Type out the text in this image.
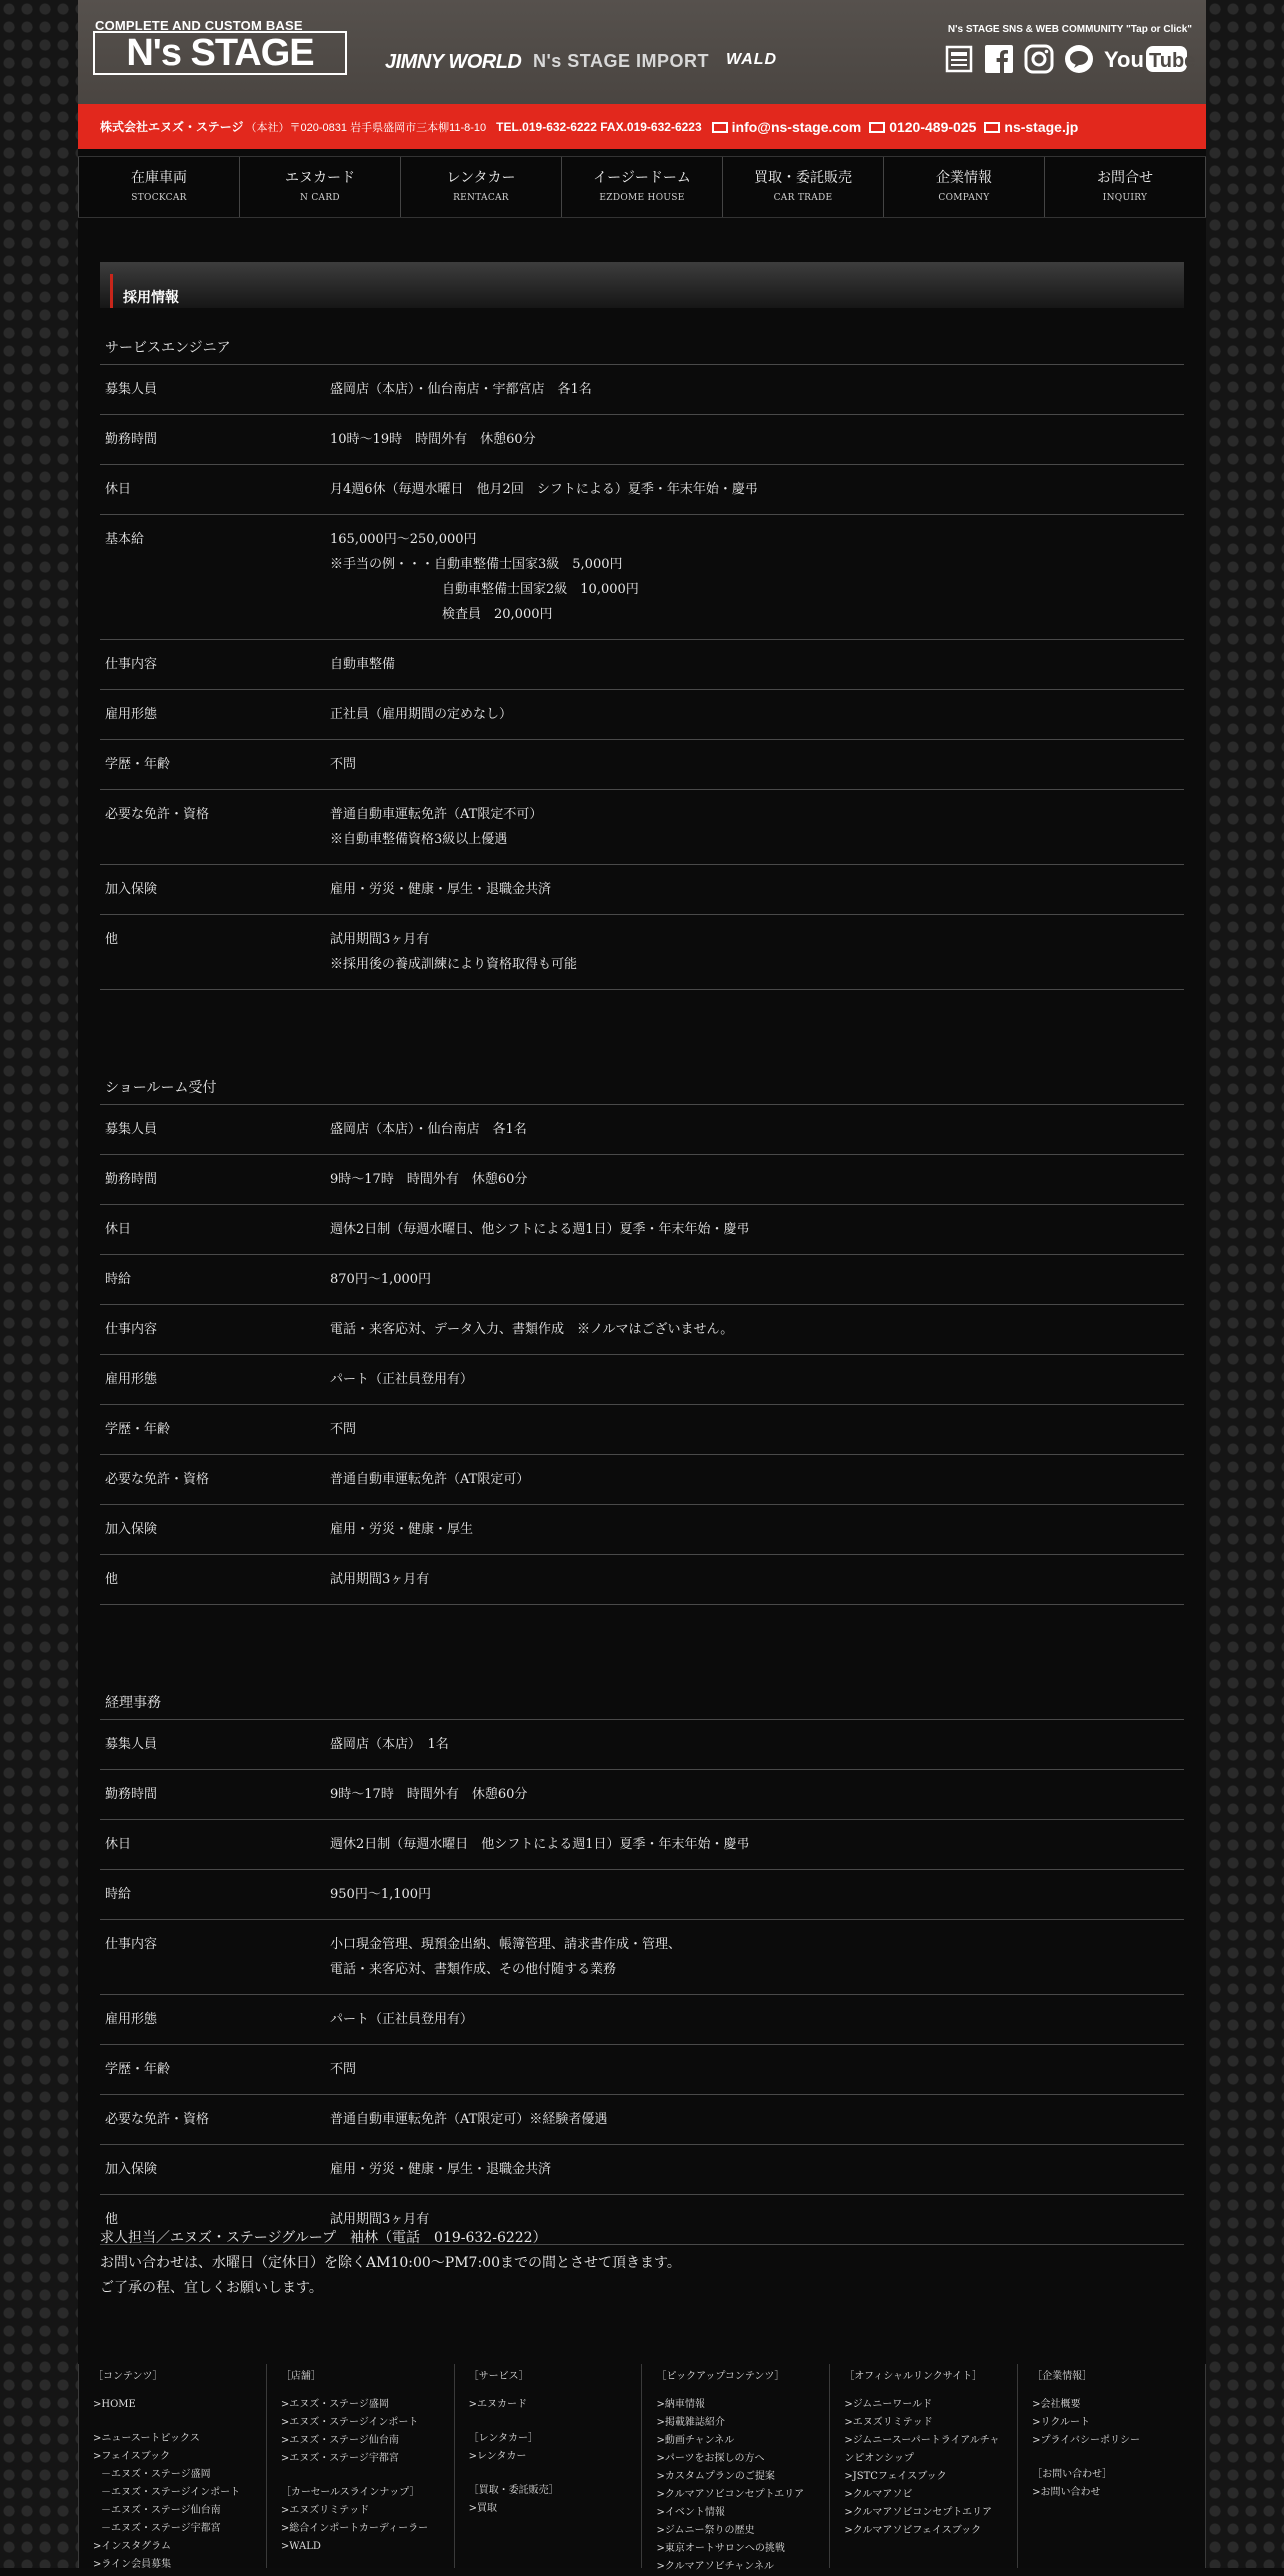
COMPLETE AND CUSTOM BASE
N's STAGE	JIMNY WORLD N's STAGE IMPORT WALD
N's STAGE SNS & WEB COMMUNITY "Tap or Click"
You Tube
株式会社エヌズ・ステージ （本社）〒020-0831 岩手県盛岡市三本柳11-8-10 TEL.019-632-6222 FAX.019-632-6223	info@ns-stage.com	0120-489-025	ns-stage.jp
在庫車両
STOCKCAR
エヌカード
N CARD
レンタカー
RENTACAR
イージードーム
EZDOME HOUSE
買取・委託販売
CAR TRADE
企業情報
COMPANY
お問合せ
INQUIRY
採用情報
サービスエンジニア
募集人員	盛岡店（本店）・仙台南店・宇都宮店　各1名
勤務時間	10時〜19時　時間外有　休憩60分
休日	月4週6休（毎週水曜日　他月2回　シフトによる）夏季・年末年始・慶弔
基本給	165,000円〜250,000円
※手当の例・・・自動車整備士国家3級　5,000円
自動車整備士国家2級　10,000円
検査員　20,000円
仕事内容	自動車整備
雇用形態	正社員（雇用期間の定めなし）
学歴・年齢	不問
必要な免許・資格	普通自動車運転免許（AT限定不可）
※自動車整備資格3級以上優遇
加入保険	雇用・労災・健康・厚生・退職金共済
他	試用期間3ヶ月有
※採用後の養成訓練により資格取得も可能
ショールーム受付
募集人員	盛岡店（本店）・仙台南店　各1名
勤務時間	9時〜17時　時間外有　休憩60分
休日	週休2日制（毎週水曜日、他シフトによる週1日）夏季・年末年始・慶弔
時給	870円〜1,000円
仕事内容	電話・来客応対、データ入力、書類作成　※ノルマはございません。
雇用形態	パート（正社員登用有）
学歴・年齢	不問
必要な免許・資格	普通自動車運転免許（AT限定可）
加入保険	雇用・労災・健康・厚生
他	試用期間3ヶ月有
経理事務
募集人員	盛岡店（本店）　1名
勤務時間	9時〜17時　時間外有　休憩60分
休日	週休2日制（毎週水曜日　他シフトによる週1日）夏季・年末年始・慶弔
時給	950円〜1,100円
仕事内容	小口現金管理、現預金出納、帳簿管理、請求書作成・管理、
電話・来客応対、書類作成、その他付随する業務
雇用形態	パート（正社員登用有）
学歴・年齢	不問
必要な免許・資格	普通自動車運転免許（AT限定可）※経験者優遇
加入保険	雇用・労災・健康・厚生・退職金共済
他	試用期間3ヶ月有
求人担当／エヌズ・ステージグループ　袖林（電話　019-632-6222）
お問い合わせは、水曜日（定休日）を除くAM10:00〜PM7:00までの間とさせて頂きます。
ご了承の程、宜しくお願いします。
［コンテンツ］
>HOME
>ニュースートピックス
>フェイスブック
－エヌズ・ステージ盛岡
－エヌズ・ステージインポート
－エヌズ・ステージ仙台南
－エヌズ・ステージ宇都宮
>インスタグラム
>ライン会員募集
［店舗］
>エヌズ・ステージ盛岡
>エヌズ・ステージインポート
>エヌズ・ステージ仙台南
>エヌズ・ステージ宇都宮
［カーセールスラインナップ］
>エヌズリミテッド
>総合インポートカーディーラー
>WALD
［サービス］
>エヌカード
［レンタカー］
>レンタカー
［買取・委託販売］
>買取
［ピックアップコンテンツ］
>納車情報
>掲載雑誌紹介
>動画チャンネル
>パーツをお探しの方へ
>カスタムプランのご提案
>クルマアソビコンセプトエリア
>イベント情報
>ジムニー祭りの歴史
>東京オートサロンへの挑戦
>クルマアソビチャンネル
［オフィシャルリンクサイト］
>ジムニーワールド
>エヌズリミテッド
>ジムニースーパートライアルチャンピオンシップ
>JSTCフェイスブック
>クルマアソビ
>クルマアソビコンセプトエリア
>クルマアソビフェイスブック
［企業情報］
>会社概要
>リクルート
>プライバシーポリシー
［お問い合わせ］
>お問い合わせ
